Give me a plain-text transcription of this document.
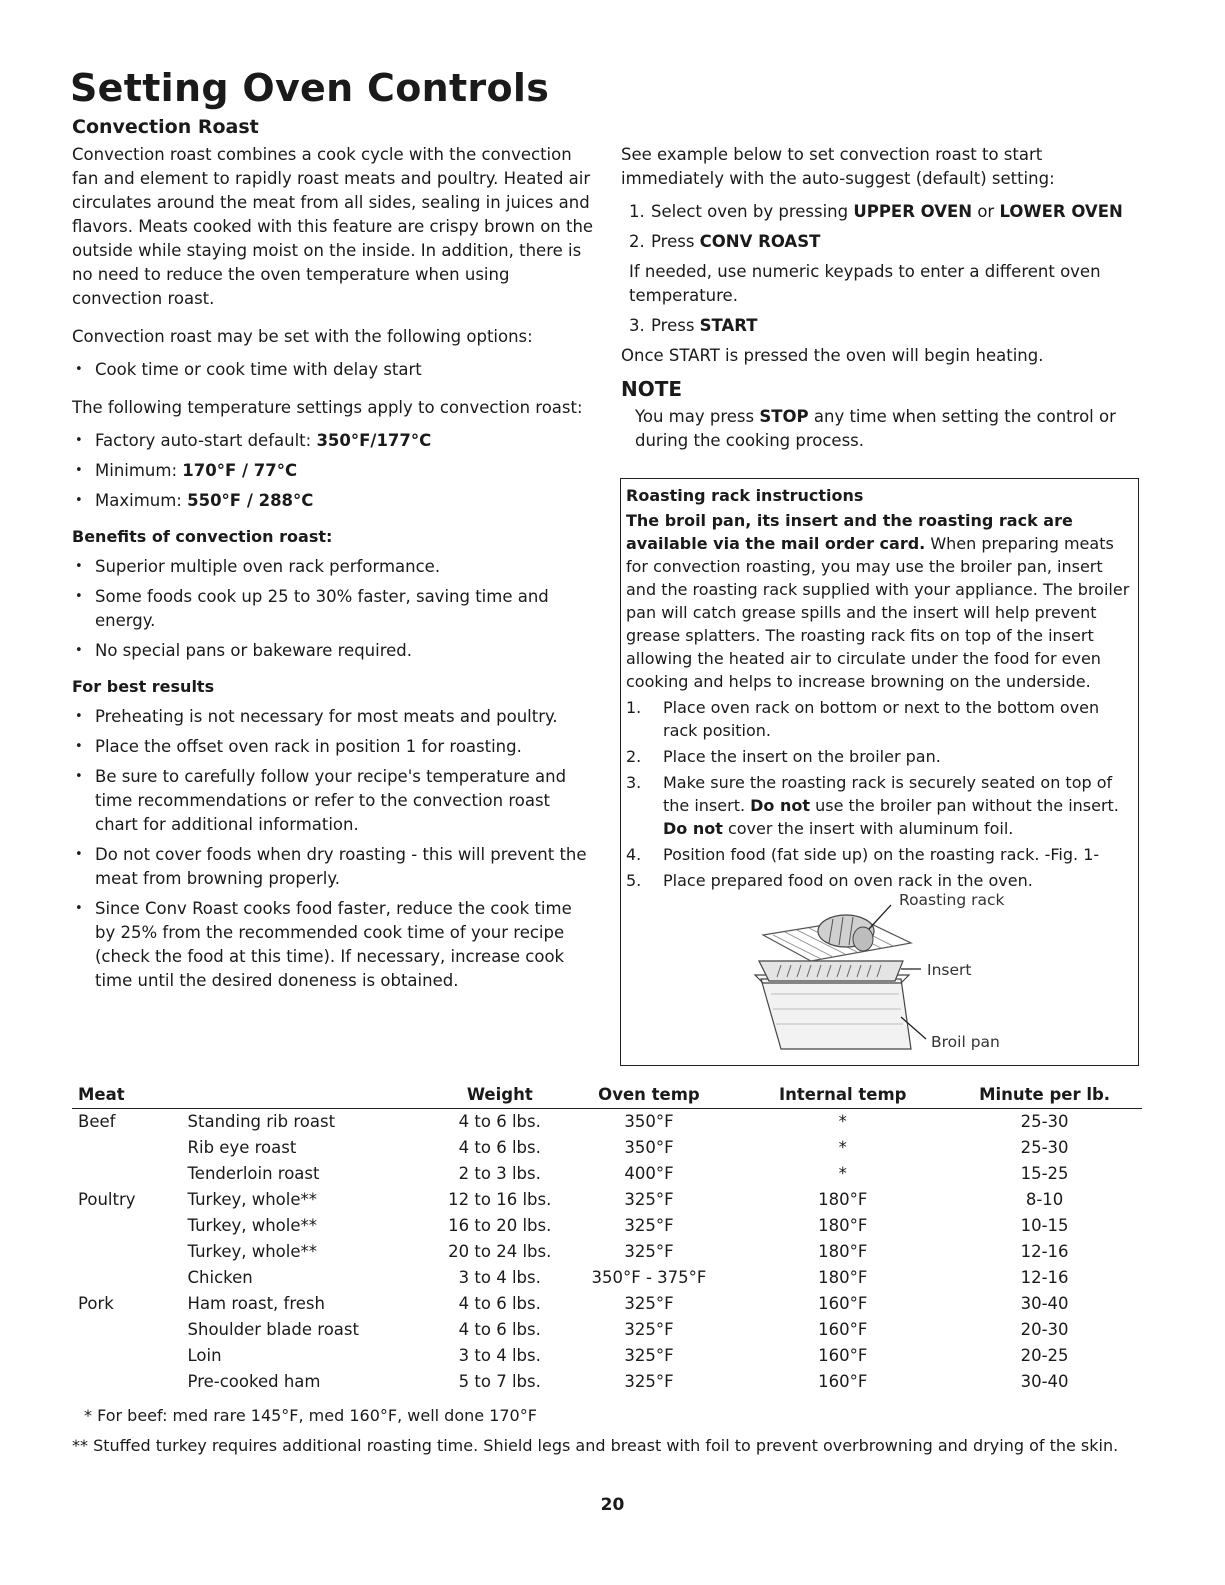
Setting Oven Controls
Convection Roast

Convection roast combines a cook cycle with the convection fan and element to rapidly roast meats and poultry. Heated air circulates around the meat from all sides, sealing in juices and flavors. Meats cooked with this feature are crispy brown on the outside while staying moist on the inside. In addition, there is no need to reduce the oven temperature when using convection roast.

Convection roast may be set with the following options:

• Cook time or cook time with delay start

The following temperature settings apply to convection roast:

• Factory auto-start default: 350°F/177°C
• Minimum: 170°F / 77°C
• Maximum: 550°F / 288°C
Benefits of convection roast:
• Superior multiple oven rack performance.
• Some foods cook up 25 to 30% faster, saving time and energy.
• No special pans or bakeware required.
For best results
• Preheating is not necessary for most meats and poultry.
• Place the offset oven rack in position 1 for roasting.
• Be sure to carefully follow your recipe's temperature and time recommendations or refer to the convection roast chart for additional information.
• Do not cover foods when dry roasting - this will prevent the meat from browning properly.
• Since Conv Roast cooks food faster, reduce the cook time by 25% from the recommended cook time of your recipe (check the food at this time). If necessary, increase cook time until the desired doneness is obtained.

See example below to set convection roast to start immediately with the auto-suggest (default) setting:

1. Select oven by pressing UPPER OVEN or LOWER OVEN
2. Press CONV ROAST
If needed, use numeric keypads to enter a different oven temperature.
3. Press START

Once START is pressed the oven will begin heating.

NOTE
You may press STOP any time when setting the control or during the cooking process.

Roasting rack instructions

The broil pan, its insert and the roasting rack are available via the mail order card. When preparing meats for convection roasting, you may use the broiler pan, insert and the roasting rack supplied with your appliance. The broiler pan will catch grease spills and the insert will help prevent grease splatters. The roasting rack fits on top of the insert allowing the heated air to circulate under the food for even cooking and helps to increase browning on the underside.

1. Place oven rack on bottom or next to the bottom oven rack position.
2. Place the insert on the broiler pan.
3. Make sure the roasting rack is securely seated on top of the insert. Do not use the broiler pan without the insert. Do not cover the insert with aluminum foil.
4. Position food (fat side up) on the roasting rack. -Fig. 1-
5. Place prepared food on oven rack in the oven.
Roasting rack
Insert
Broil pan
Meat		Weight	Oven temp	Internal temp	Minute per lb.
Beef	Standing rib roast	4 to 6 lbs.	350°F	*	25-30
	Rib eye roast	4 to 6 lbs.	350°F	*	25-30
	Tenderloin roast	2 to 3 lbs.	400°F	*	15-25
Poultry	Turkey, whole**	12 to 16 lbs.	325°F	180°F	8-10
	Turkey, whole**	16 to 20 lbs.	325°F	180°F	10-15
	Turkey, whole**	20 to 24 lbs.	325°F	180°F	12-16
	Chicken	3 to 4 lbs.	350°F - 375°F	180°F	12-16
Pork	Ham roast, fresh	4 to 6 lbs.	325°F	160°F	30-40
	Shoulder blade roast	4 to 6 lbs.	325°F	160°F	20-30
	Loin	3 to 4 lbs.	325°F	160°F	20-25
	Pre-cooked ham	5 to 7 lbs.	325°F	160°F	30-40
* For beef: med rare 145°F, med 160°F, well done 170°F
** Stuffed turkey requires additional roasting time. Shield legs and breast with foil to prevent overbrowning and drying of the skin.
20
